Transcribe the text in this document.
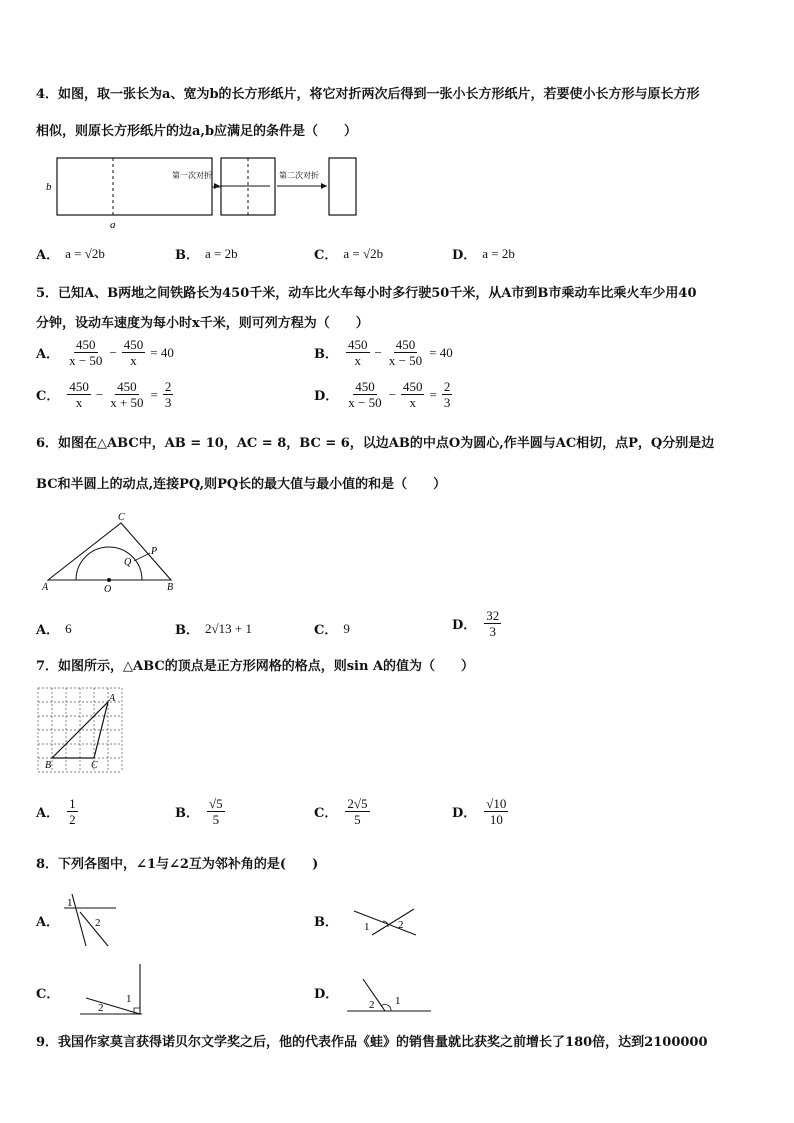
4．如图，取一张长为a、宽为b的长方形纸片，将它对折两次后得到一张小长方形纸片，若要使小长方形与原长方形
相似，则原长方形纸片的边a,b应满足的条件是（　　）
b
a
第一次对折	第二次对折
A． a = √2b	B． a = 2b	C． a = √2b	D． a = 2b
5．已知A、B两地之间铁路长为450千米，动车比火车每小时多行驶50千米，从A市到B市乘动车比乘火车少用40
分钟，设动车速度为每小时x千米，则可列方程为（　　）
A． $\frac{450}{x - 50} - \frac{450}{x} = 40$	B． $\frac{450}{x} - \frac{450}{x - 50} = 40$
C． $\frac{450}{x} - \frac{450}{x + 50} = \frac{2}{3}$	D． $\frac{450}{x - 50} - \frac{450}{x} = \frac{2}{3}$
6．如图在△ABC中，AB = 10，AC = 8，BC = 6，以边AB的中点O为圆心,作半圆与AC相切，点P，Q分别是边
BC和半圆上的动点,连接PQ,则PQ长的最大值与最小值的和是（　　）
A	B
C
O
P
Q
A． 6	B． 2√13 + 1	C． 9	D． $\frac{32}{3}$
7．如图所示，△ABC的顶点是正方形网格的格点，则sin A的值为（　　）
A
B	C
A． $\frac{1}{2}$	B． $\frac{√5}{5}$	C． $\frac{2√5}{5}$	D． $\frac{√10}{10}$
8．下列各图中，∠1与∠2互为邻补角的是(　　)
A．
1
2	B． 1	2
C．	1
2
D．	1
2
9．我国作家莫言获得诺贝尔文学奖之后，他的代表作品《蛙》的销售量就比获奖之前增长了180倍，达到2100000
